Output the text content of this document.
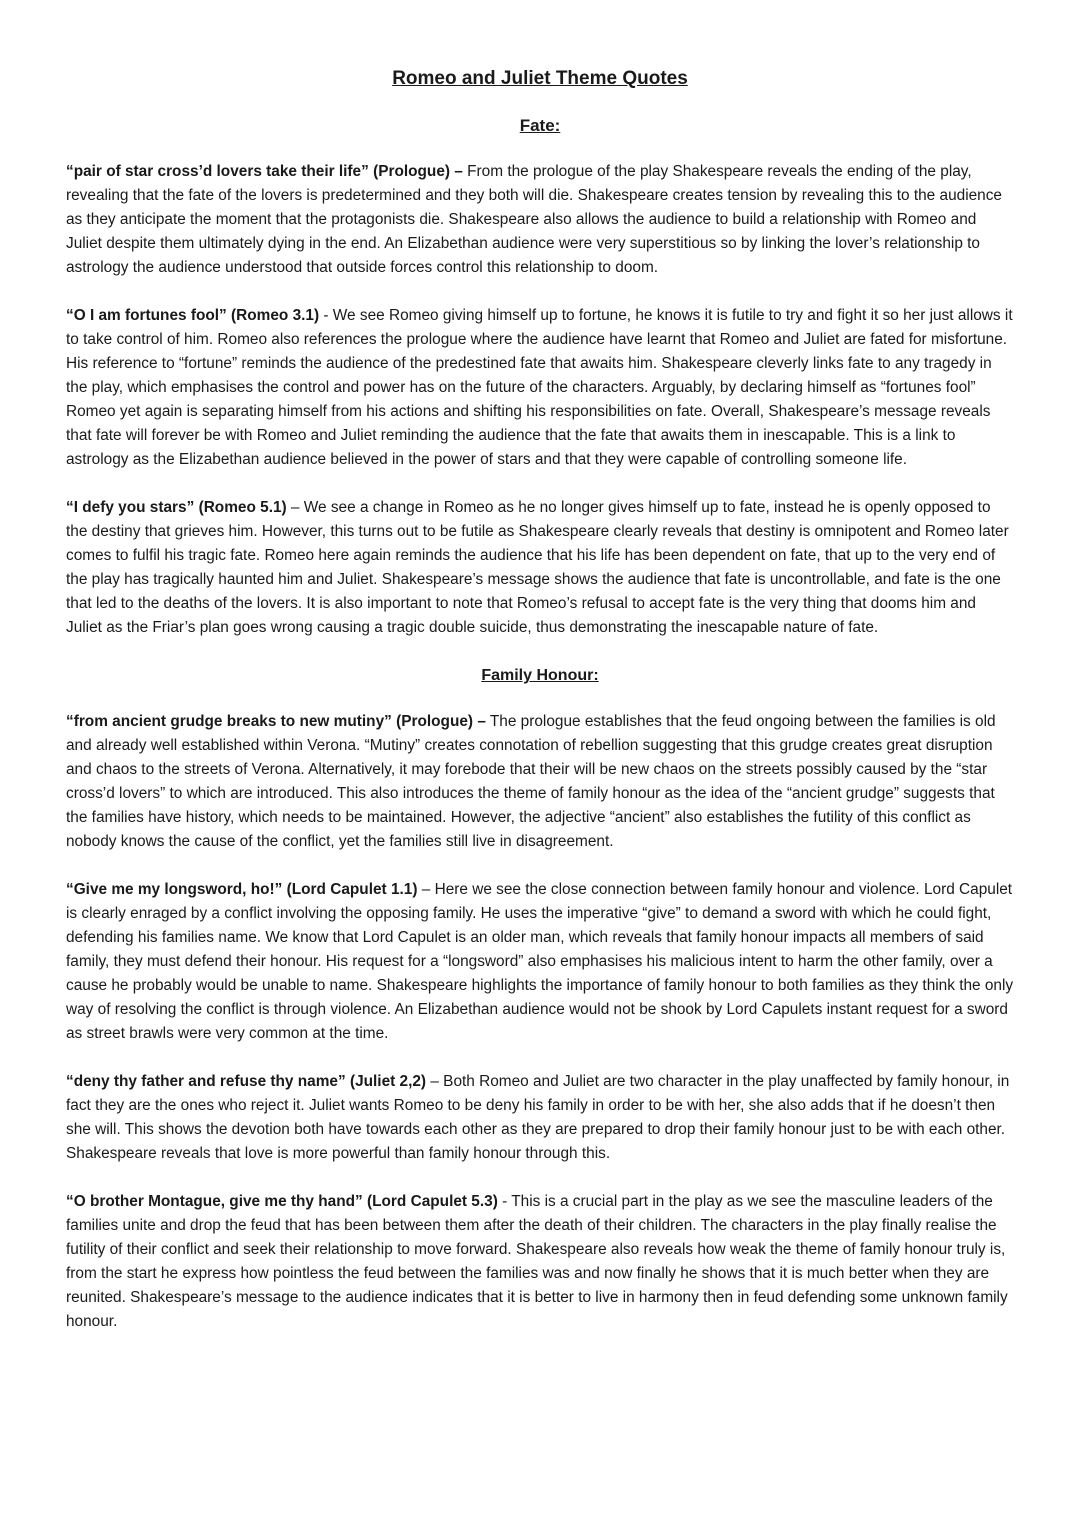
Romeo and Juliet Theme Quotes
Fate:

“pair of star cross’d lovers take their life” (Prologue) – From the prologue of the play Shakespeare reveals the ending of the play, revealing that the fate of the lovers is predetermined and they both will die. Shakespeare creates tension by revealing this to the audience as they anticipate the moment that the protagonists die. Shakespeare also allows the audience to build a relationship with Romeo and Juliet despite them ultimately dying in the end. An Elizabethan audience were very superstitious so by linking the lover’s relationship to astrology the audience understood that outside forces control this relationship to doom.

“O I am fortunes fool” (Romeo 3.1) - We see Romeo giving himself up to fortune, he knows it is futile to try and fight it so her just allows it to take control of him. Romeo also references the prologue where the audience have learnt that Romeo and Juliet are fated for misfortune. His reference to “fortune” reminds the audience of the predestined fate that awaits him. Shakespeare cleverly links fate to any tragedy in the play, which emphasises the control and power has on the future of the characters. Arguably, by declaring himself as “fortunes fool” Romeo yet again is separating himself from his actions and shifting his responsibilities on fate. Overall, Shakespeare’s message reveals that fate will forever be with Romeo and Juliet reminding the audience that the fate that awaits them in inescapable. This is a link to astrology as the Elizabethan audience believed in the power of stars and that they were capable of controlling someone life.

“I defy you stars” (Romeo 5.1) – We see a change in Romeo as he no longer gives himself up to fate, instead he is openly opposed to the destiny that grieves him. However, this turns out to be futile as Shakespeare clearly reveals that destiny is omnipotent and Romeo later comes to fulfil his tragic fate. Romeo here again reminds the audience that his life has been dependent on fate, that up to the very end of the play has tragically haunted him and Juliet. Shakespeare’s message shows the audience that fate is uncontrollable, and fate is the one that led to the deaths of the lovers. It is also important to note that Romeo’s refusal to accept fate is the very thing that dooms him and Juliet as the Friar’s plan goes wrong causing a tragic double suicide, thus demonstrating the inescapable nature of fate.

Family Honour:

“from ancient grudge breaks to new mutiny” (Prologue) – The prologue establishes that the feud ongoing between the families is old and already well established within Verona. “Mutiny” creates connotation of rebellion suggesting that this grudge creates great disruption and chaos to the streets of Verona. Alternatively, it may forebode that their will be new chaos on the streets possibly caused by the “star cross’d lovers” to which are introduced. This also introduces the theme of family honour as the idea of the “ancient grudge” suggests that the families have history, which needs to be maintained. However, the adjective “ancient” also establishes the futility of this conflict as nobody knows the cause of the conflict, yet the families still live in disagreement.

“Give me my longsword, ho!” (Lord Capulet 1.1) – Here we see the close connection between family honour and violence. Lord Capulet is clearly enraged by a conflict involving the opposing family. He uses the imperative “give” to demand a sword with which he could fight, defending his families name. We know that Lord Capulet is an older man, which reveals that family honour impacts all members of said family, they must defend their honour. His request for a “longsword” also emphasises his malicious intent to harm the other family, over a cause he probably would be unable to name. Shakespeare highlights the importance of family honour to both families as they think the only way of resolving the conflict is through violence. An Elizabethan audience would not be shook by Lord Capulets instant request for a sword as street brawls were very common at the time.

“deny thy father and refuse thy name” (Juliet 2,2) – Both Romeo and Juliet are two character in the play unaffected by family honour, in fact they are the ones who reject it. Juliet wants Romeo to be deny his family in order to be with her, she also adds that if he doesn’t then she will. This shows the devotion both have towards each other as they are prepared to drop their family honour just to be with each other. Shakespeare reveals that love is more powerful than family honour through this.

“O brother Montague, give me thy hand” (Lord Capulet 5.3) - This is a crucial part in the play as we see the masculine leaders of the families unite and drop the feud that has been between them after the death of their children. The characters in the play finally realise the futility of their conflict and seek their relationship to move forward. Shakespeare also reveals how weak the theme of family honour truly is, from the start he express how pointless the feud between the families was and now finally he shows that it is much better when they are reunited. Shakespeare’s message to the audience indicates that it is better to live in harmony then in feud defending some unknown family honour.
